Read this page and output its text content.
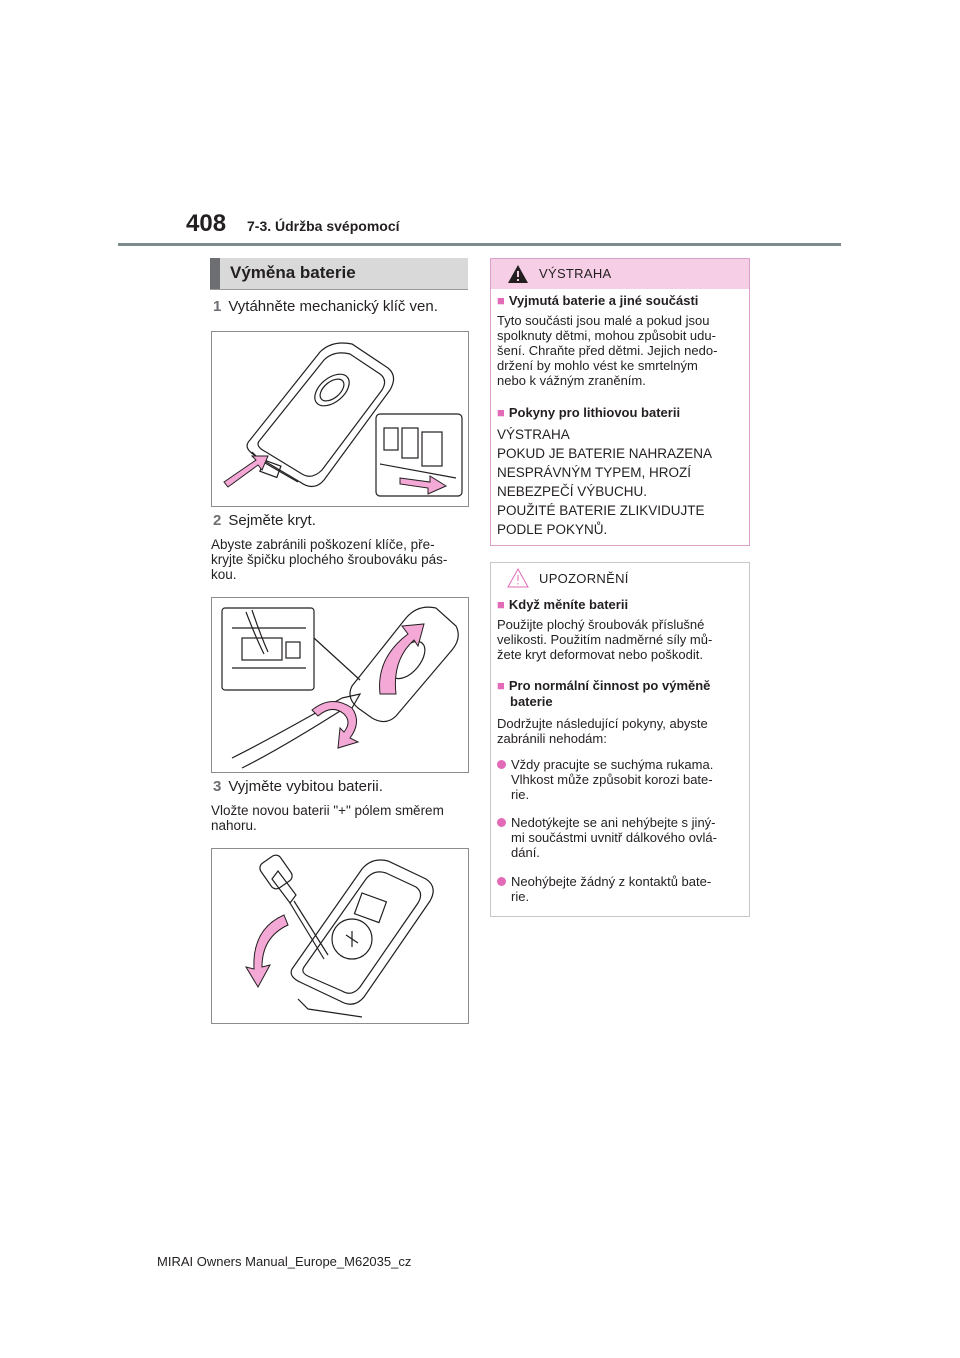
408 7-3. Údržba svépomocí
Výměna baterie
1 Vytáhněte mechanický klíč ven.
2 Sejměte kryt.
Abyste zabránili poškození klíče, pře-
kryjte špičku plochého šroubováku pás-
kou.
3 Vyjměte vybitou baterii.
Vložte novou baterii "+" pólem směrem
nahoru.
VÝSTRAHA
■ Vyjmutá baterie a jiné součásti
Tyto součásti jsou malé a pokud jsou
spolknuty dětmi, mohou způsobit udu-
šení. Chraňte před dětmi. Jejich nedo-
držení by mohlo vést ke smrtelným
nebo k vážným zraněním.
■ Pokyny pro lithiovou baterii
VÝSTRAHA
POKUD JE BATERIE NAHRAZENA
NESPRÁVNÝM TYPEM, HROZÍ
NEBEZPEČÍ VÝBUCHU.
POUŽITÉ BATERIE ZLIKVIDUJTE
PODLE POKYNŮ.
UPOZORNĚNÍ
■ Když měníte baterii
Použijte plochý šroubovák příslušné
velikosti. Použitím nadměrné síly mů-
žete kryt deformovat nebo poškodit.
■ Pro normální činnost po výměně
baterie
Dodržujte následující pokyny, abyste
zabránili nehodám:
Vždy pracujte se suchýma rukama.
Vlhkost může způsobit korozi bate-
rie.
Nedotýkejte se ani nehýbejte s jiný-
mi součástmi uvnitř dálkového ovlá-
dání.
Neohýbejte žádný z kontaktů bate-
rie.
MIRAI Owners Manual_Europe_M62035_cz
